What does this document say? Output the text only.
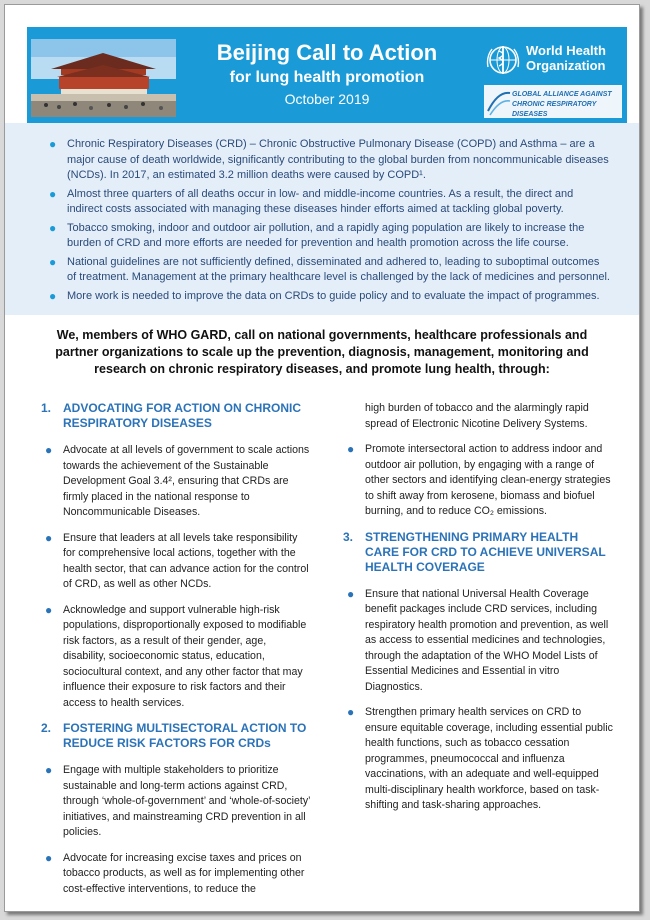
Beijing Call to Action
for lung health promotion
October 2019
World Health
Organization
GLOBAL ALLIANCE AGAINST
CHRONIC RESPIRATORY DISEASES
● Chronic Respiratory Diseases (CRD) – Chronic Obstructive Pulmonary Disease (COPD) and Asthma – are a major cause of death worldwide, significantly contributing to the global burden from noncommunicable diseases (NCDs). In 2017, an estimated 3.2 million deaths were caused by COPD¹.
● Almost three quarters of all deaths occur in low- and middle-income countries. As a result, the direct and indirect costs associated with managing these diseases hinder efforts aimed at tackling global poverty.
● Tobacco smoking, indoor and outdoor air pollution, and a rapidly aging population are likely to increase the burden of CRD and more efforts are needed for prevention and health promotion across the life course.
● National guidelines are not sufficiently defined, disseminated and adhered to, leading to suboptimal outcomes of treatment. Management at the primary healthcare level is challenged by the lack of medicines and personnel.
● More work is needed to improve the data on CRDs to guide policy and to evaluate the impact of programmes.
We, members of WHO GARD, call on national governments, healthcare professionals and partner organizations to scale up the prevention, diagnosis, management, monitoring and research on chronic respiratory diseases, and promote lung health, through:
1. ADVOCATING FOR ACTION ON CHRONIC RESPIRATORY DISEASES
● Advocate at all levels of government to scale actions towards the achievement of the Sustainable Development Goal 3.4², ensuring that CRDs are firmly placed in the national response to Noncommunicable Diseases.
● Ensure that leaders at all levels take responsibility for comprehensive local actions, together with the health sector, that can advance action for the control of CRD, as well as other NCDs.
● Acknowledge and support vulnerable high-risk populations, disproportionally exposed to modifiable risk factors, as a result of their gender, age, disability, socioeconomic status, education, sociocultural context, and any other factor that may influence their exposure to risk factors and their access to health services.
2. FOSTERING MULTISECTORAL ACTION TO REDUCE RISK FACTORS FOR CRDs
● Engage with multiple stakeholders to prioritize sustainable and long-term actions against CRD, through ‘whole-of-government’ and ‘whole-of-society’ initiatives, and mainstreaming CRD prevention in all policies.
● Advocate for increasing excise taxes and prices on tobacco products, as well as for implementing other cost-effective interventions, to reduce the
high burden of tobacco and the alarmingly rapid spread of Electronic Nicotine Delivery Systems.
● Promote intersectoral action to address indoor and outdoor air pollution, by engaging with a range of other sectors and identifying clean-energy strategies to shift away from kerosene, biomass and biofuel burning, and to reduce CO₂ emissions.
3. STRENGTHENING PRIMARY HEALTH CARE FOR CRD TO ACHIEVE UNIVERSAL HEALTH COVERAGE
● Ensure that national Universal Health Coverage benefit packages include CRD services, including respiratory health promotion and prevention, as well as access to essential medicines and technologies, through the adaptation of the WHO Model Lists of Essential Medicines and Essential in vitro Diagnostics.
● Strengthen primary health services on CRD to ensure equitable coverage, including essential public health functions, such as tobacco cessation programmes, pneumococcal and influenza vaccinations, with an adequate and well-equipped multi-disciplinary health workforce, based on task-shifting and task-sharing approaches.
